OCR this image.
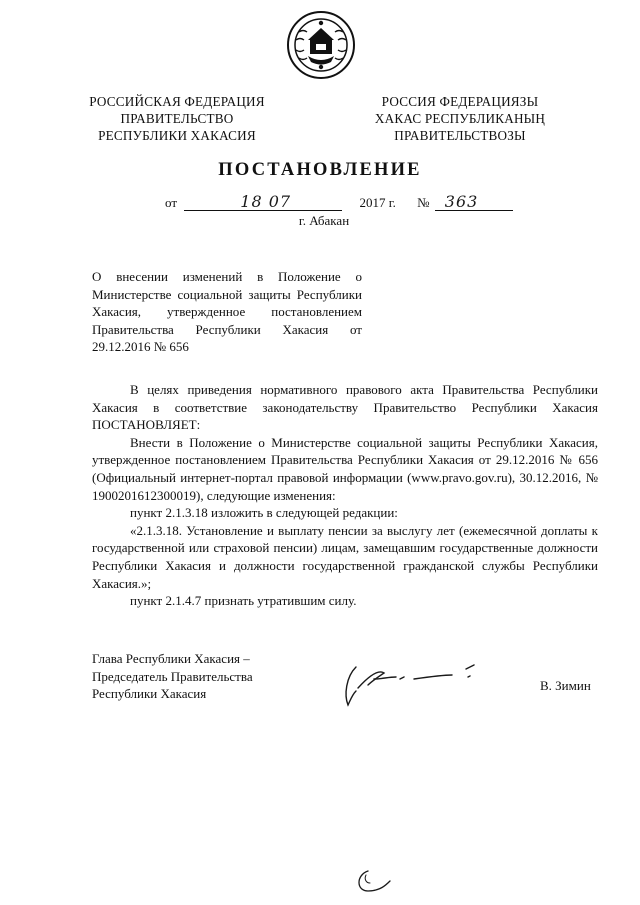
РОССИЙСКАЯ ФЕДЕРАЦИЯ
ПРАВИТЕЛЬСТВО
РЕСПУБЛИКИ ХАКАСИЯ
РОССИЯ ФЕДЕРАЦИЯЗЫ
ХАКАС РЕСПУБЛИКАНЫҢ
ПРАВИТЕЛЬСТВОЗЫ
ПОСТАНОВЛЕНИЕ
от	18 07	2017 г. № 363
г. Абакан

О внесении изменений в Положение о Министерстве социальной защиты Республики Хакасия, утвержденное постановлением Правительства Республики Хакасия от 29.12.2016 № 656

В целях приведения нормативного правового акта Правительства Республики Хакасия в соответствие законодательству Правительство Республики Хакасия ПОСТАНОВЛЯЕТ:

Внести в Положение о Министерстве социальной защиты Республики Хакасия, утвержденное постановлением Правительства Республики Хакасия от 29.12.2016 № 656 (Официальный интернет-портал правовой информации (www.pravo.gov.ru), 30.12.2016, № 1900201612300019), следующие изменения:

пункт 2.1.3.18 изложить в следующей редакции:

«2.1.3.18. Установление и выплату пенсии за выслугу лет (ежемесячной доплаты к государственной или страховой пенсии) лицам, замещавшим государственные должности Республики Хакасия и должности государственной гражданской службы Республики Хакасия.»;

пункт 2.1.4.7 признать утратившим силу.

Глава Республики Хакасия –
Председатель Правительства
Республики Хакасия
В. Зимин
